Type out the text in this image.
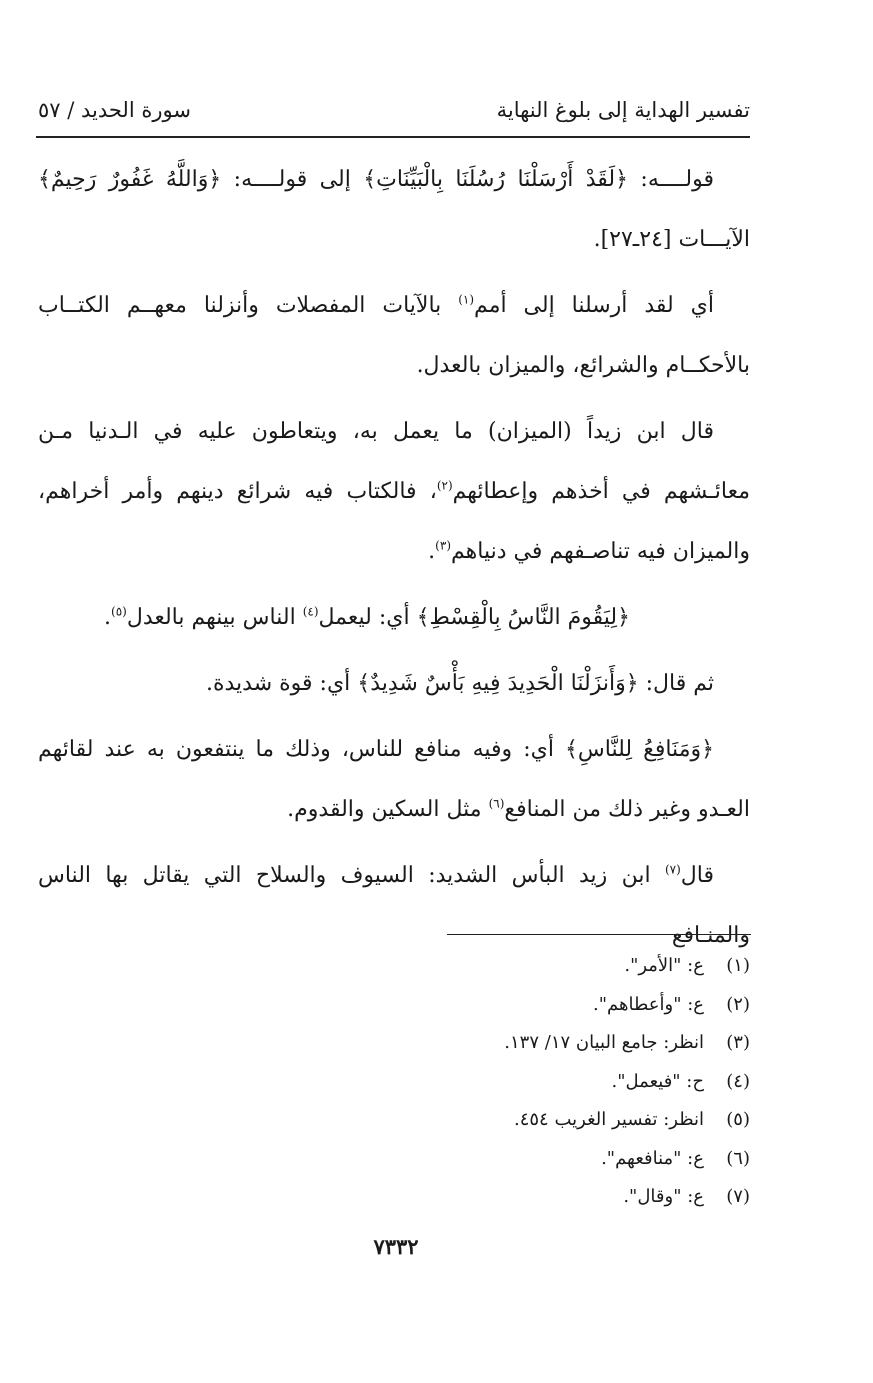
تفسير الهداية إلى بلوغ النهاية
سورة الحديد / ٥٧

قولــــه: ﴿لَقَدْ أَرْسَلْنَا رُسُلَنَا بِالْبَيِّنَاتِ﴾ إلى قولــــه: ﴿وَاللَّهُ غَفُورٌ رَحِيمٌ﴾ الآيـــات [٢٤ـ٢٧].

أي لقد أرسلنا إلى أمم$^{(١)}$ بالآيات المفصلات وأنزلنا معهــم الكتــاب بالأحكــام والشرائع، والميزان بالعدل.

قال ابن زيداً (الميزان) ما يعمل به، ويتعاطون عليه في الـدنيا مـن معائـشهم في أخذهم وإعطائهم$^{(٢)}$، فالكتاب فيه شرائع دينهم وأمر أخراهم، والميزان فيه تناصـفهم في دنياهم$^{(٣)}$.

﴿لِيَقُومَ النَّاسُ بِالْقِسْطِ﴾ أي: ليعمل$^{(٤)}$ الناس بينهم بالعدل$^{(٥)}$.

ثم قال: ﴿وَأَنزَلْنَا الْحَدِيدَ فِيهِ بَأْسٌ شَدِيدٌ﴾ أي: قوة شديدة.

﴿وَمَنَافِعُ لِلنَّاسِ﴾ أي: وفيه منافع للناس، وذلك ما ينتفعون به عند لقائهم العـدو وغير ذلك من المنافع$^{(٦)}$ مثل السكين والقدوم.

قال$^{(٧)}$ ابن زيد البأس الشديد: السيوف والسلاح التي يقاتل بها الناس والمنـافع

(١)
ع: "الأمر".
(٢)
ع: "وأعطاهم".
(٣)
انظر: جامع البيان ١٧/ ١٣٧.
(٤)
ح: "فيعمل".
(٥)
انظر: تفسير الغريب ٤٥٤.
(٦)
ع: "منافعهم".
(٧)
ع: "وقال".
٧٣٣٢
